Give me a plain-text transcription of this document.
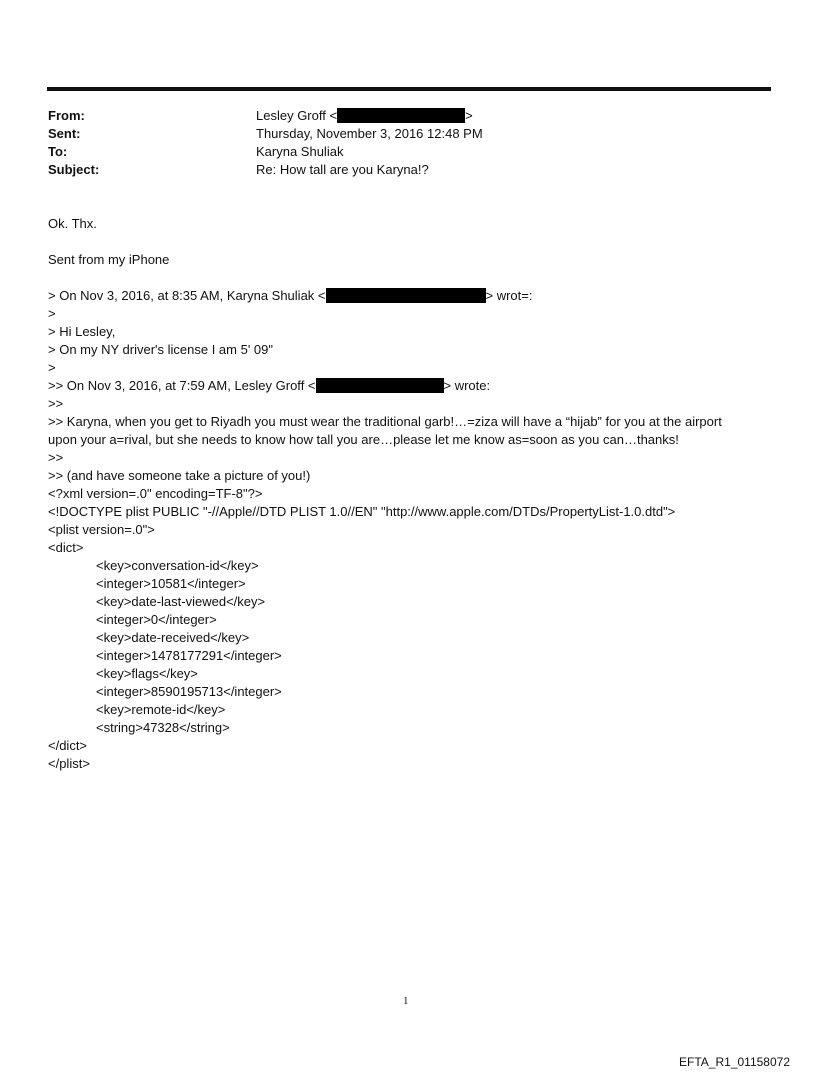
From:	Lesley Groff <	>
Sent:	Thursday, November 3, 2016 12:48 PM
To:	Karyna Shuliak
Subject:	Re: How tall are you Karyna!?
Ok. Thx.
Sent from my iPhone
> On Nov 3, 2016, at 8:35 AM, Karyna Shuliak <	> wrot=:
>
> Hi Lesley,
> On my NY driver's license I am 5' 09"
>
>> On Nov 3, 2016, at 7:59 AM, Lesley Groff <	> wrote:
>>
>> Karyna, when you get to Riyadh you must wear the traditional garb!…=ziza will have a “hijab” for you at the airport
upon your a=rival, but she needs to know how tall you are…please let me know as=soon as you can…thanks!
>>
>> (and have someone take a picture of you!)
<?xml version=.0" encoding=TF-8"?>
<!DOCTYPE plist PUBLIC "-//Apple//DTD PLIST 1.0//EN" "http://www.apple.com/DTDs/PropertyList-1.0.dtd">
<plist version=.0">
<dict>
<key>conversation-id</key>
<integer>10581</integer>
<key>date-last-viewed</key>
<integer>0</integer>
<key>date-received</key>
<integer>1478177291</integer>
<key>flags</key>
<integer>8590195713</integer>
<key>remote-id</key>
<string>47328</string>
</dict>
</plist>
1
EFTA_R1_01158072
